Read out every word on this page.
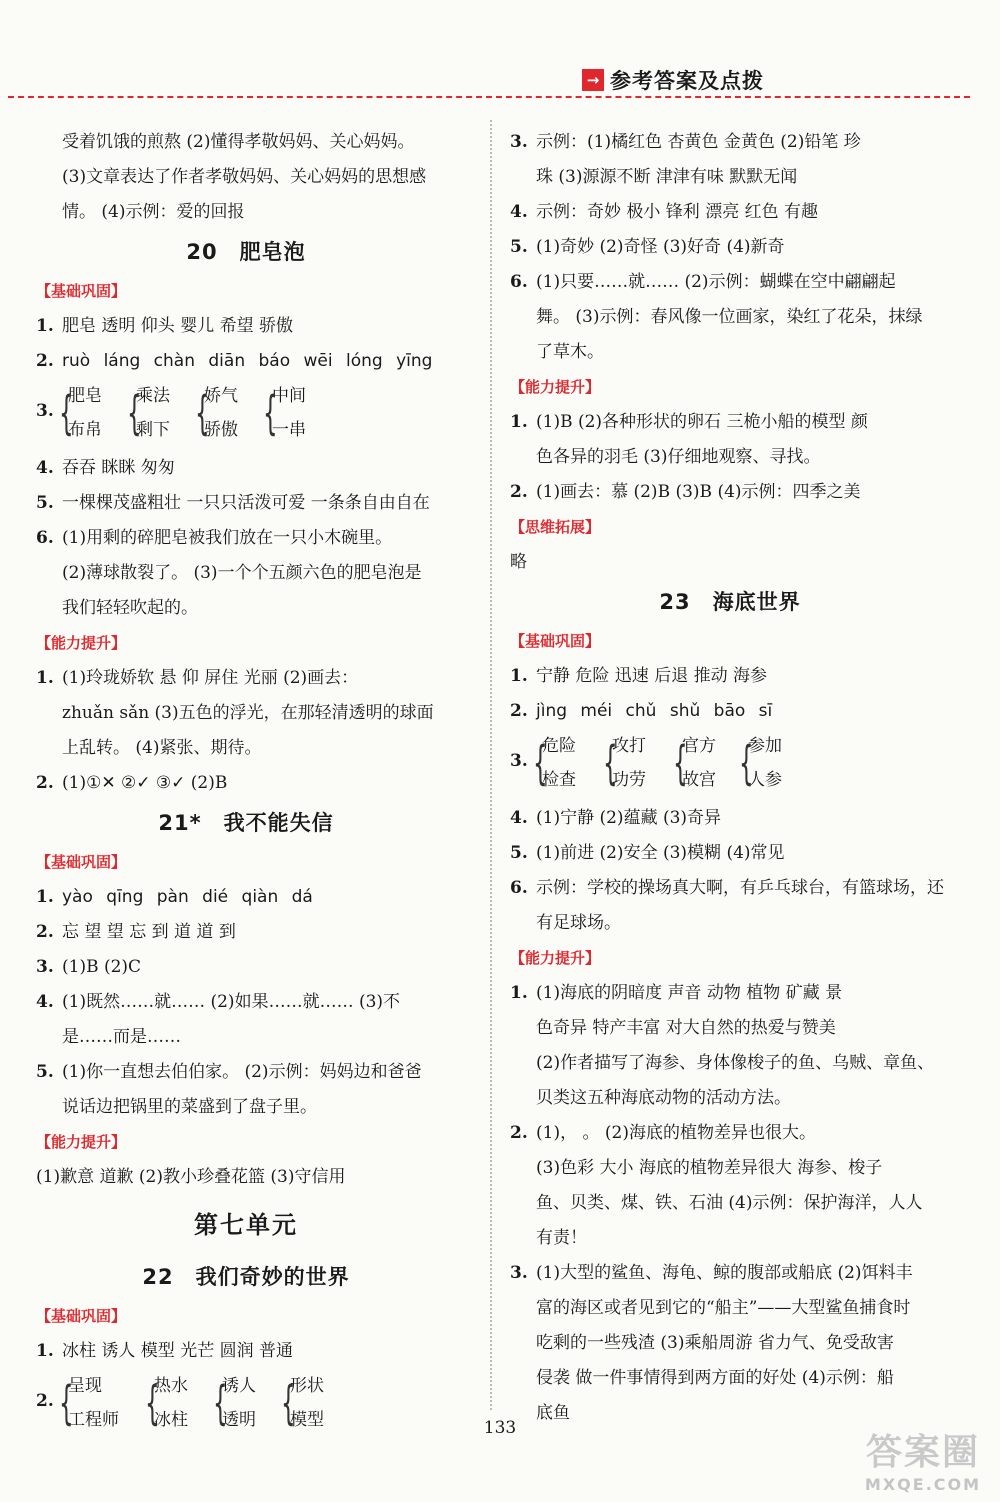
→ 参考答案及点拨
受着饥饿的煎熬 (2)懂得孝敬妈妈、关心妈妈。
(3)文章表达了作者孝敬妈妈、关心妈妈的思想感
情。 (4)示例：爱的回报
20 肥皂泡
【基础巩固】
1. 肥皂 透明 仰头 婴儿 希望 骄傲
2. ruò láng chàn diān báo wēi lóng yīng
3. {
肥皂
布帛 {
乘法
剩下 {
娇气
骄傲 {
中间
一串
4. 吞吞 眯眯 匆匆
5. 一棵棵茂盛粗壮 一只只活泼可爱 一条条自由自在
6. (1)用剩的碎肥皂被我们放在一只小木碗里。
(2)薄球散裂了。 (3)一个个五颜六色的肥皂泡是
我们轻轻吹起的。
【能力提升】
1. (1)玲珑娇软 悬 仰 屏住 光丽 (2)画去：
zhuǎn sǎn (3)五色的浮光，在那轻清透明的球面
上乱转。 (4)紧张、期待。
2. (1)①✕ ②✓ ③✓ (2)B
21* 我不能失信
【基础巩固】
1. yào qīng pàn dié qiàn dá
2. 忘 望 望 忘 到 道 道 到
3. (1)B (2)C
4. (1)既然……就…… (2)如果……就…… (3)不
是……而是……
5. (1)你一直想去伯伯家。 (2)示例：妈妈边和爸爸
说话边把锅里的菜盛到了盘子里。
【能力提升】
(1)歉意 道歉 (2)教小珍叠花篮 (3)守信用
第七单元
22 我们奇妙的世界
【基础巩固】
1. 冰柱 诱人 模型 光芒 圆润 普通
2. {
呈现
工程师 {
热水
冰柱 {
诱人
透明 {
形状
模型
3. 示例：(1)橘红色 杏黄色 金黄色 (2)铅笔 珍
珠 (3)源源不断 津津有味 默默无闻
4. 示例：奇妙 极小 锋利 漂亮 红色 有趣
5. (1)奇妙 (2)奇怪 (3)好奇 (4)新奇
6. (1)只要……就…… (2)示例：蝴蝶在空中翩翩起
舞。 (3)示例：春风像一位画家，染红了花朵，抹绿
了草木。
【能力提升】
1. (1)B (2)各种形状的卵石 三桅小船的模型 颜
色各异的羽毛 (3)仔细地观察、寻找。
2. (1)画去：慕 (2)B (3)B (4)示例：四季之美
【思维拓展】
略
23 海底世界
【基础巩固】
1. 宁静 危险 迅速 后退 推动 海参
2. jìng méi chǔ shǔ bāo sī
3. {
危险
检查 {
攻打
功劳 {
官方
故宫 {
参加
人参
4. (1)宁静 (2)蕴藏 (3)奇异
5. (1)前进 (2)安全 (3)模糊 (4)常见
6. 示例：学校的操场真大啊，有乒乓球台，有篮球场，还
有足球场。
【能力提升】
1. (1)海底的阴暗度 声音 动物 植物 矿藏 景
色奇异 特产丰富 对大自然的热爱与赞美
(2)作者描写了海参、身体像梭子的鱼、乌贼、章鱼、
贝类这五种海底动物的活动方法。
2. (1)， 。 (2)海底的植物差异也很大。
(3)色彩 大小 海底的植物差异很大 海参、梭子
鱼、贝类、煤、铁、石油 (4)示例：保护海洋，人人
有责！
3. (1)大型的鲨鱼、海龟、鲸的腹部或船底 (2)饵料丰
富的海区或者见到它的“船主”——大型鲨鱼捕食时
吃剩的一些残渣 (3)乘船周游 省力气、免受敌害
侵袭 做一件事情得到两方面的好处 (4)示例：船
底鱼
133
答案圈
MXQE.COM
